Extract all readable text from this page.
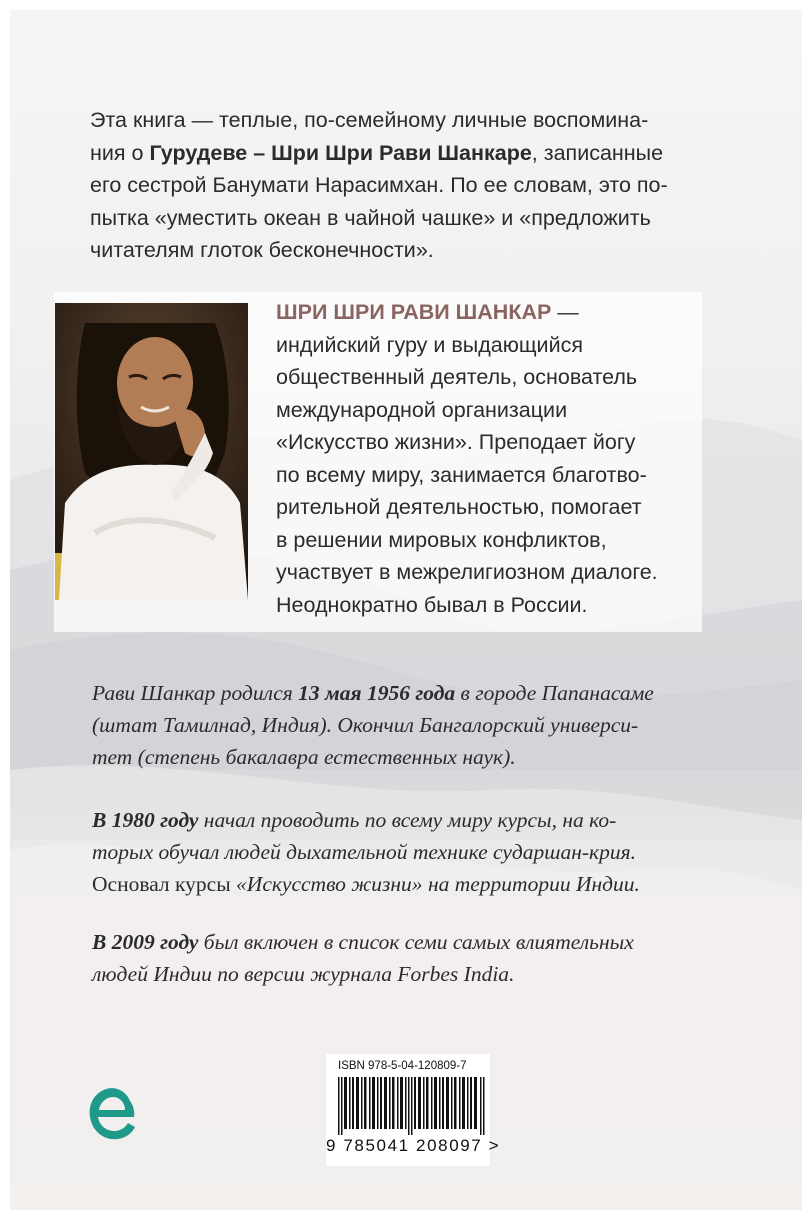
Эта книга — теплые, по-семейному личные воспомина-
ния о Гурудеве – Шри Шри Рави Шанкаре, записанные
его сестрой Банумати Нарасимхан. По ее словам, это по-
пытка «уместить океан в чайной чашке» и «предложить
читателям глоток бесконечности».

ШРИ ШРИ РАВИ ШАНКАР —
индийский гуру и выдающийся
общественный деятель, основатель
международной организации
«Искусство жизни». Преподает йогу
по всему миру, занимается благотво-
рительной деятельностью, помогает
в решении мировых конфликтов,
участвует в межрелигиозном диалоге.
Неоднократно бывал в России.

Рави Шанкар родился 13 мая 1956 года в городе Папанасаме
(штат Тамилнад, Индия). Окончил Бангалорский универси-
тет (степень бакалавра естественных наук).

В 1980 году начал проводить по всему миру курсы, на ко-
торых обучал людей дыхательной технике сударшан-крия.
Основал курсы «Искусство жизни» на территории Индии.

В 2009 году был включен в список семи самых влиятельных
людей Индии по версии журнала Forbes India.

ISBN 978-5-04-120809-7
9 785041 208097 >
